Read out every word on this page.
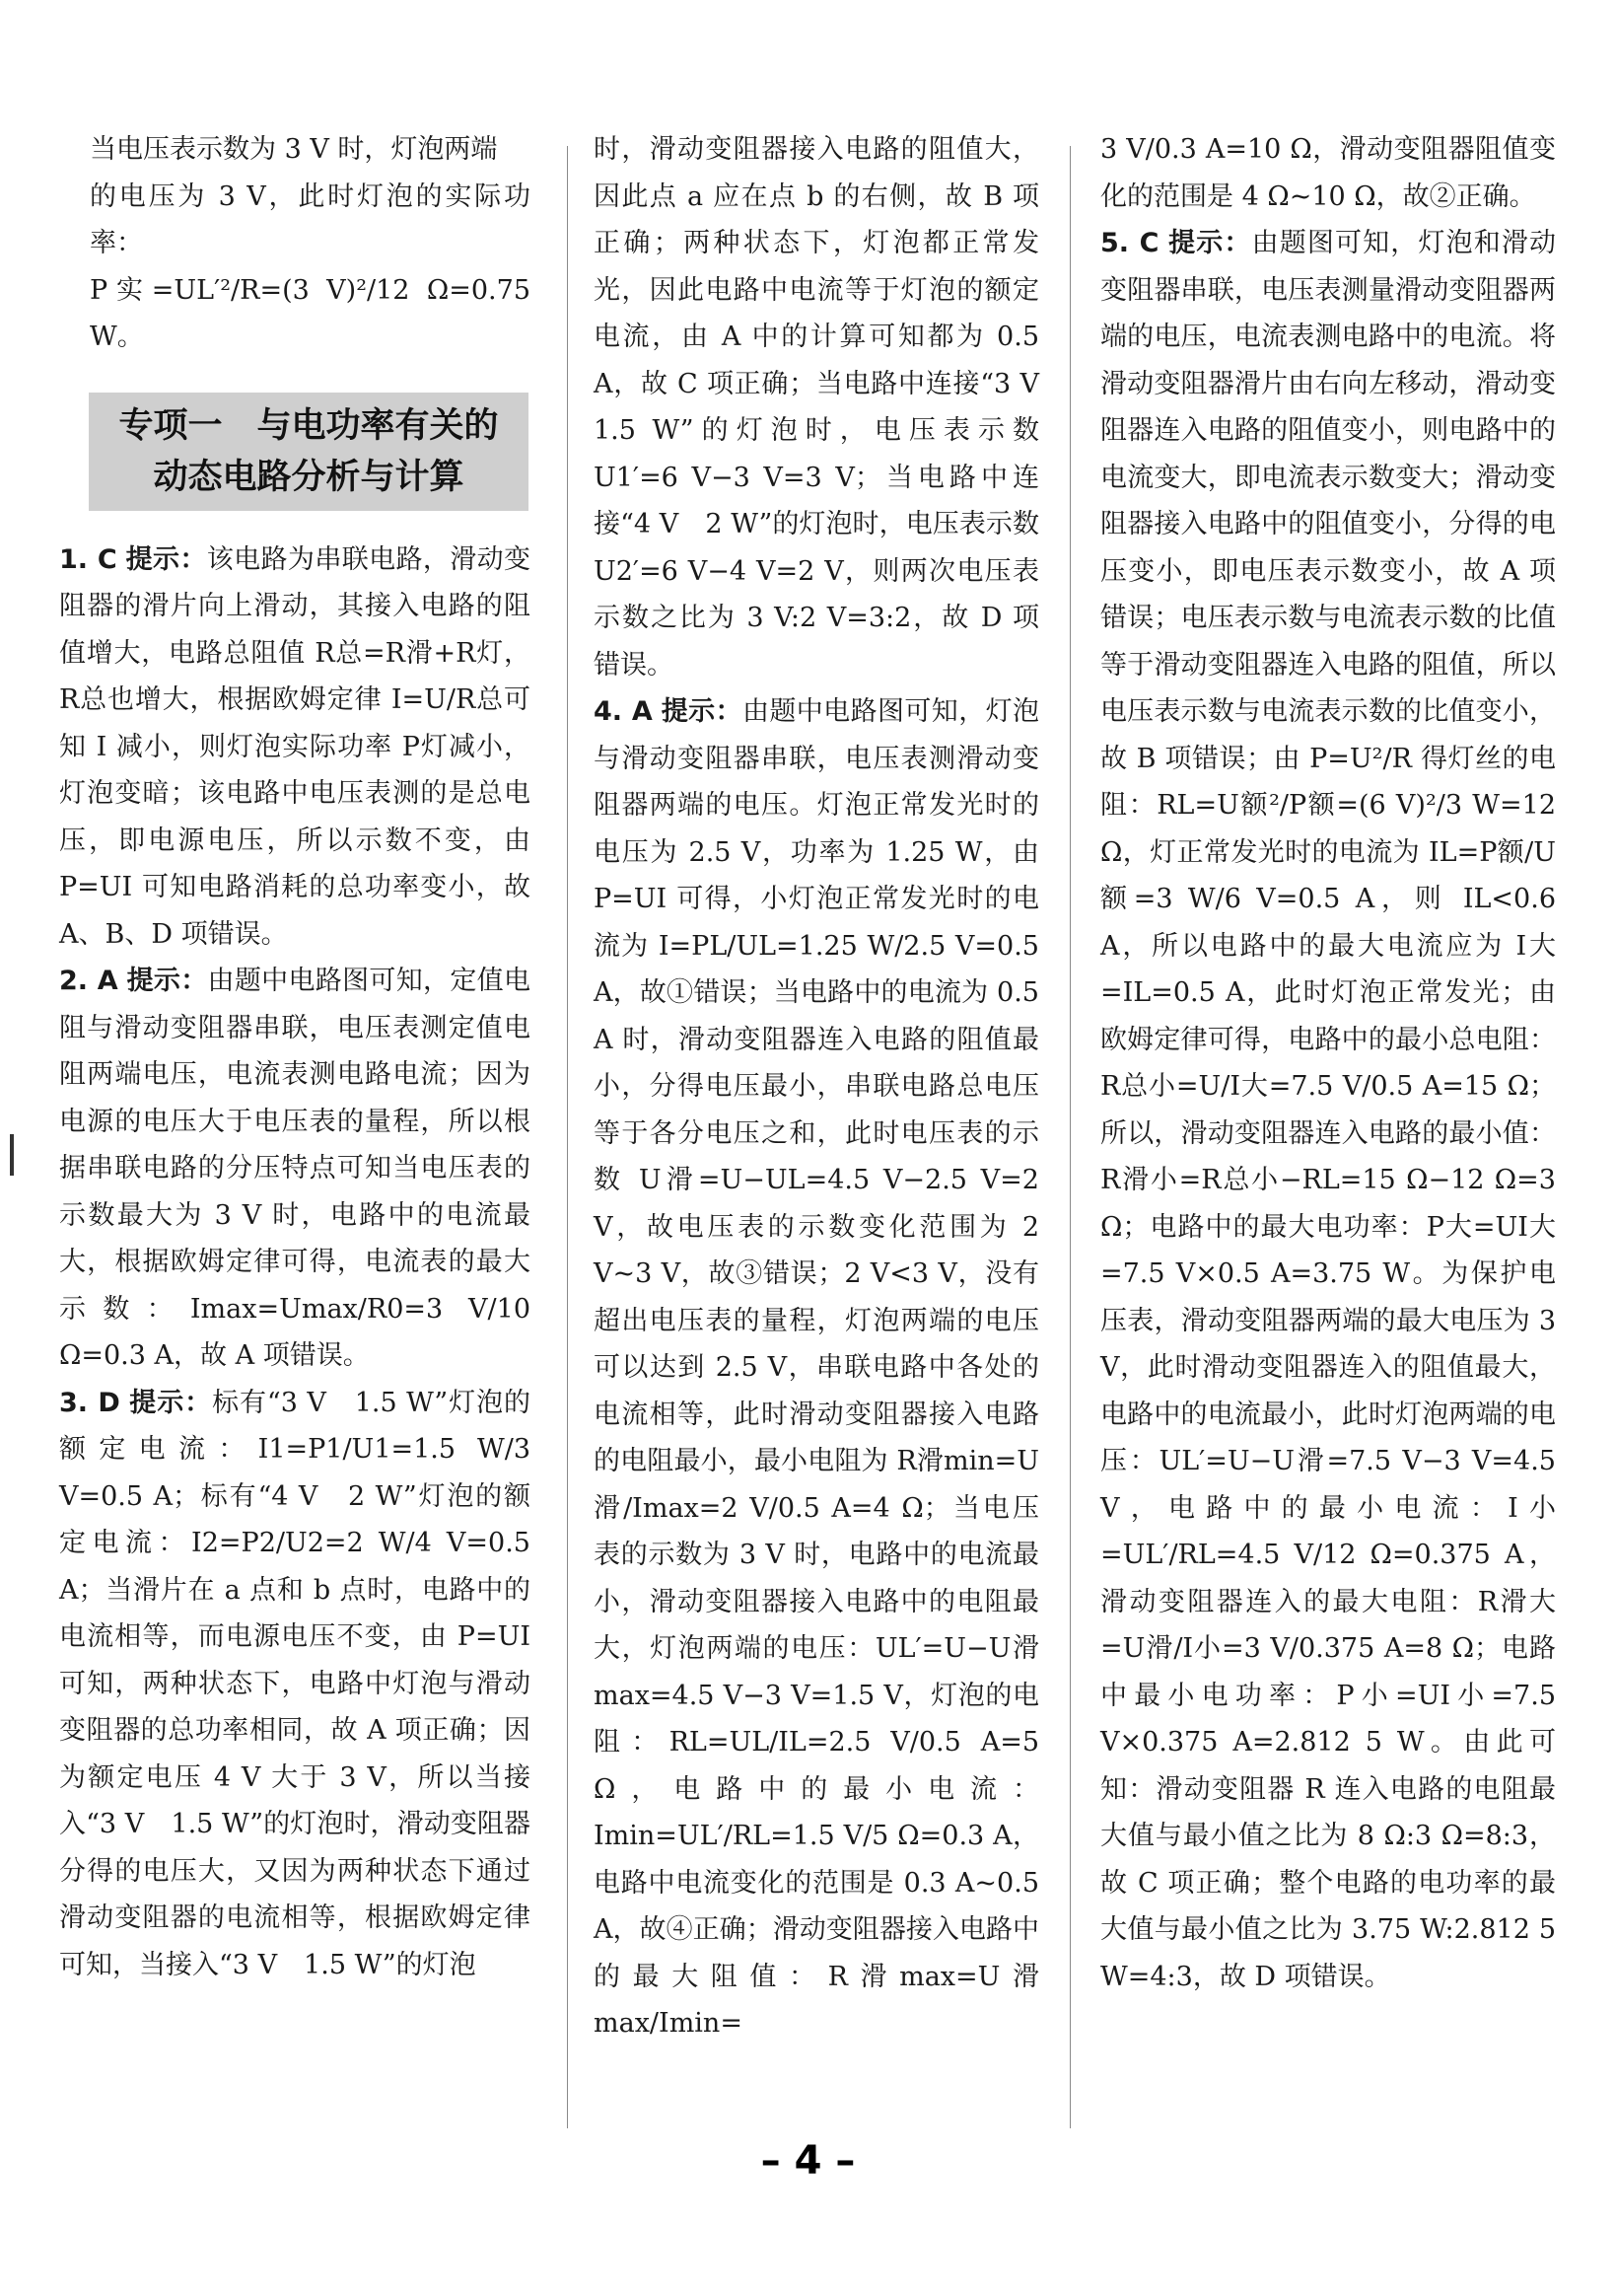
当电压表示数为 3 V 时，灯泡两端

的电压为 3 V，此时灯泡的实际功率：

P实=UL′²/R=(3 V)²/12 Ω=0.75 W。

专项一　与电功率有关的
动态电路分析与计算

1. C 提示：该电路为串联电路，滑动变阻器的滑片向上滑动，其接入电路的阻值增大，电路总阻值 R总=R滑+R灯，R总也增大，根据欧姆定律 I=U/R总可知 I 减小，则灯泡实际功率 P灯减小，灯泡变暗；该电路中电压表测的是总电压，即电源电压，所以示数不变，由 P=UI 可知电路消耗的总功率变小，故 A、B、D 项错误。

2. A 提示：由题中电路图可知，定值电阻与滑动变阻器串联，电压表测定值电阻两端电压，电流表测电路电流；因为电源的电压大于电压表的量程，所以根据串联电路的分压特点可知当电压表的示数最大为 3 V 时，电路中的电流最大，根据欧姆定律可得，电流表的最大示数：Imax=Umax/R0=3 V/10 Ω=0.3 A，故 A 项错误。

3. D 提示：标有“3 V　1.5 W”灯泡的额定电流：I1=P1/U1=1.5 W/3 V=0.5 A；标有“4 V　2 W”灯泡的额定电流：I2=P2/U2=2 W/4 V=0.5 A；当滑片在 a 点和 b 点时，电路中的电流相等，而电源电压不变，由 P=UI 可知，两种状态下，电路中灯泡与滑动变阻器的总功率相同，故 A 项正确；因为额定电压 4 V 大于 3 V，所以当接入“3 V　1.5 W”的灯泡时，滑动变阻器分得的电压大，又因为两种状态下通过滑动变阻器的电流相等，根据欧姆定律可知，当接入“3 V　1.5 W”的灯泡

时，滑动变阻器接入电路的阻值大，因此点 a 应在点 b 的右侧，故 B 项正确；两种状态下，灯泡都正常发光，因此电路中电流等于灯泡的额定电流，由 A 中的计算可知都为 0.5 A，故 C 项正确；当电路中连接“3 V　1.5 W”的灯泡时，电压表示数 U1′=6 V−3 V=3 V；当电路中连接“4 V　2 W”的灯泡时，电压表示数 U2′=6 V−4 V=2 V，则两次电压表示数之比为 3 V:2 V=3:2，故 D 项错误。

4. A 提示：由题中电路图可知，灯泡与滑动变阻器串联，电压表测滑动变阻器两端的电压。灯泡正常发光时的电压为 2.5 V，功率为 1.25 W，由 P=UI 可得，小灯泡正常发光时的电流为 I=PL/UL=1.25 W/2.5 V=0.5 A，故①错误；当电路中的电流为 0.5 A 时，滑动变阻器连入电路的阻值最小，分得电压最小，串联电路总电压等于各分电压之和，此时电压表的示数 U滑=U−UL=4.5 V−2.5 V=2 V，故电压表的示数变化范围为 2 V~3 V，故③错误；2 V<3 V，没有超出电压表的量程，灯泡两端的电压可以达到 2.5 V，串联电路中各处的电流相等，此时滑动变阻器接入电路的电阻最小，最小电阻为 R滑min=U滑/Imax=2 V/0.5 A=4 Ω；当电压表的示数为 3 V 时，电路中的电流最小，滑动变阻器接入电路中的电阻最大，灯泡两端的电压：UL′=U−U滑max=4.5 V−3 V=1.5 V，灯泡的电阻：RL=UL/IL=2.5 V/0.5 A=5 Ω，电路中的最小电流：Imin=UL′/RL=1.5 V/5 Ω=0.3 A，电路中电流变化的范围是 0.3 A~0.5 A，故④正确；滑动变阻器接入电路中的最大阻值：R滑max=U滑max/Imin=

3 V/0.3 A=10 Ω，滑动变阻器阻值变化的范围是 4 Ω~10 Ω，故②正确。

5. C 提示：由题图可知，灯泡和滑动变阻器串联，电压表测量滑动变阻器两端的电压，电流表测电路中的电流。将滑动变阻器滑片由右向左移动，滑动变阻器连入电路的阻值变小，则电路中的电流变大，即电流表示数变大；滑动变阻器接入电路中的阻值变小，分得的电压变小，即电压表示数变小，故 A 项错误；电压表示数与电流表示数的比值等于滑动变阻器连入电路的阻值，所以电压表示数与电流表示数的比值变小，故 B 项错误；由 P=U²/R 得灯丝的电阻：RL=U额²/P额=(6 V)²/3 W=12 Ω，灯正常发光时的电流为 IL=P额/U额=3 W/6 V=0.5 A，则 IL<0.6 A，所以电路中的最大电流应为 I大=IL=0.5 A，此时灯泡正常发光；由欧姆定律可得，电路中的最小总电阻：R总小=U/I大=7.5 V/0.5 A=15 Ω；所以，滑动变阻器连入电路的最小值：R滑小=R总小−RL=15 Ω−12 Ω=3 Ω；电路中的最大电功率：P大=UI大=7.5 V×0.5 A=3.75 W。为保护电压表，滑动变阻器两端的最大电压为 3 V，此时滑动变阻器连入的阻值最大，电路中的电流最小，此时灯泡两端的电压：UL′=U−U滑=7.5 V−3 V=4.5 V，电路中的最小电流：I小=UL′/RL=4.5 V/12 Ω=0.375 A，滑动变阻器连入的最大电阻：R滑大=U滑/I小=3 V/0.375 A=8 Ω；电路中最小电功率：P小=UI小=7.5 V×0.375 A=2.812 5 W。由此可知：滑动变阻器 R 连入电路的电阻最大值与最小值之比为 8 Ω:3 Ω=8:3，故 C 项正确；整个电路的电功率的最大值与最小值之比为 3.75 W:2.812 5 W=4:3，故 D 项错误。

– 4 –
